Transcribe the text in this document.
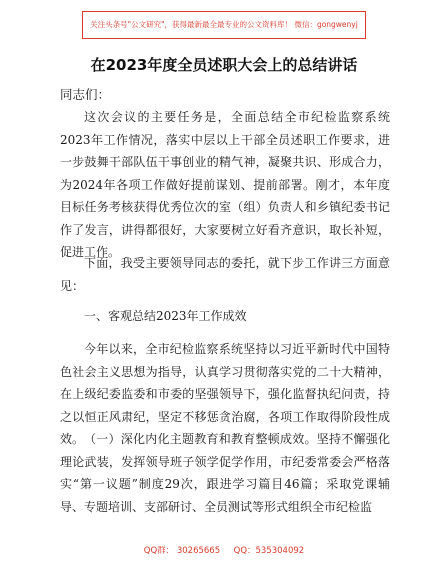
关注头条号"公文研究"，获得最新最全最专业的公文资料库！ 微信：gongwenyj
在2023年度全员述职大会上的总结讲话
同志们：

这次会议的主要任务是，全面总结全市纪检监察系统2023年工作情况，落实中层以上干部全员述职工作要求，进一步鼓舞干部队伍干事创业的精气神，凝聚共识、形成合力，为2024年各项工作做好提前谋划、提前部署。刚才，本年度目标任务考核获得优秀位次的室（组）负责人和乡镇纪委书记作了发言，讲得都很好，大家要树立好看齐意识，取长补短，促进工作。

下面，我受主要领导同志的委托，就下步工作讲三方面意见：

一、客观总结2023年工作成效

今年以来，全市纪检监察系统坚持以习近平新时代中国特色社会主义思想为指导，认真学习贯彻落实党的二十大精神，在上级纪委监委和市委的坚强领导下，强化监督执纪问责，持之以恒正风肃纪，坚定不移惩贪治腐，各项工作取得阶段性成效。 （一）深化内化主题教育和教育整顿成效。坚持不懈强化理论武装，发挥领导班子领学促学作用，市纪委常委会严格落实“第一议题”制度29次，跟进学习篇目46篇；采取党课辅导、专题培训、支部研讨、全员测试等形式组织全市纪检监

QQ群： 30265665     QQ：535304092
